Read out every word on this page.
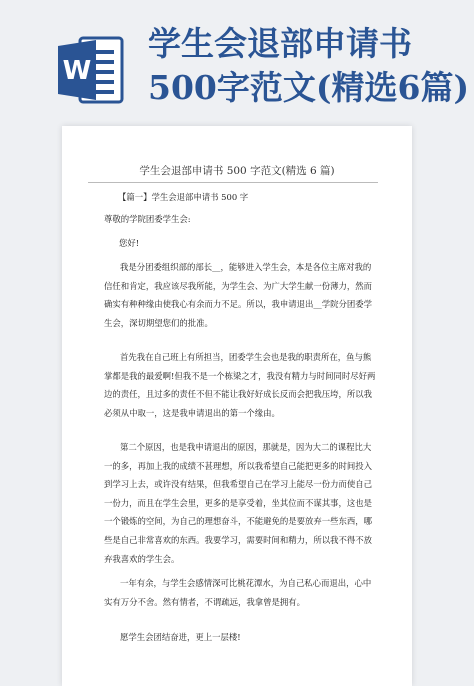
W
学生会退部申请书
500字范文(精选6篇)
学生会退部申请书 500 字范文(精选 6 篇)
【篇一】学生会退部申请书 500 字
尊敬的学院团委学生会:
您好!
我是分团委组织部的部长__，能够进入学生会，本是各位主席对我的信任和肯定，我应该尽我所能，为学生会、为广大学生献一份薄力，然而确实有种种缘由使我心有余而力不足。所以，我申请退出__学院分团委学生会，深切期望您们的批准。
首先我在自己班上有所担当，团委学生会也是我的职责所在，鱼与熊掌都是我的最爱啊!但我不是一个栋梁之才，我没有精力与时间同时尽好两边的责任，且过多的责任不但不能让我好好成长反而会把我压垮，所以我必须从中取一，这是我申请退出的第一个缘由。
第二个原因，也是我申请退出的原因，那就是，因为大二的课程比大一的多，再加上我的成绩不甚理想，所以我希望自己能把更多的时间投入到学习上去，或许没有结果，但我希望自己在学习上能尽一份力而使自己一份力，而且在学生会里，更多的是享受着，坐其位而不谋其事，这也是一个锻炼的空间，为自己的理想奋斗，不能避免的是要放弃一些东西，哪些是自己非常喜欢的东西。我要学习，需要时间和精力，所以我不得不放弃我喜欢的学生会。
一年有余，与学生会感情深可比桃花潭水，为自己私心而退出，心中实有万分不舍。然有情者，不谓疏远，我拿曾是拥有。
愿学生会团结奋进，更上一层楼!
